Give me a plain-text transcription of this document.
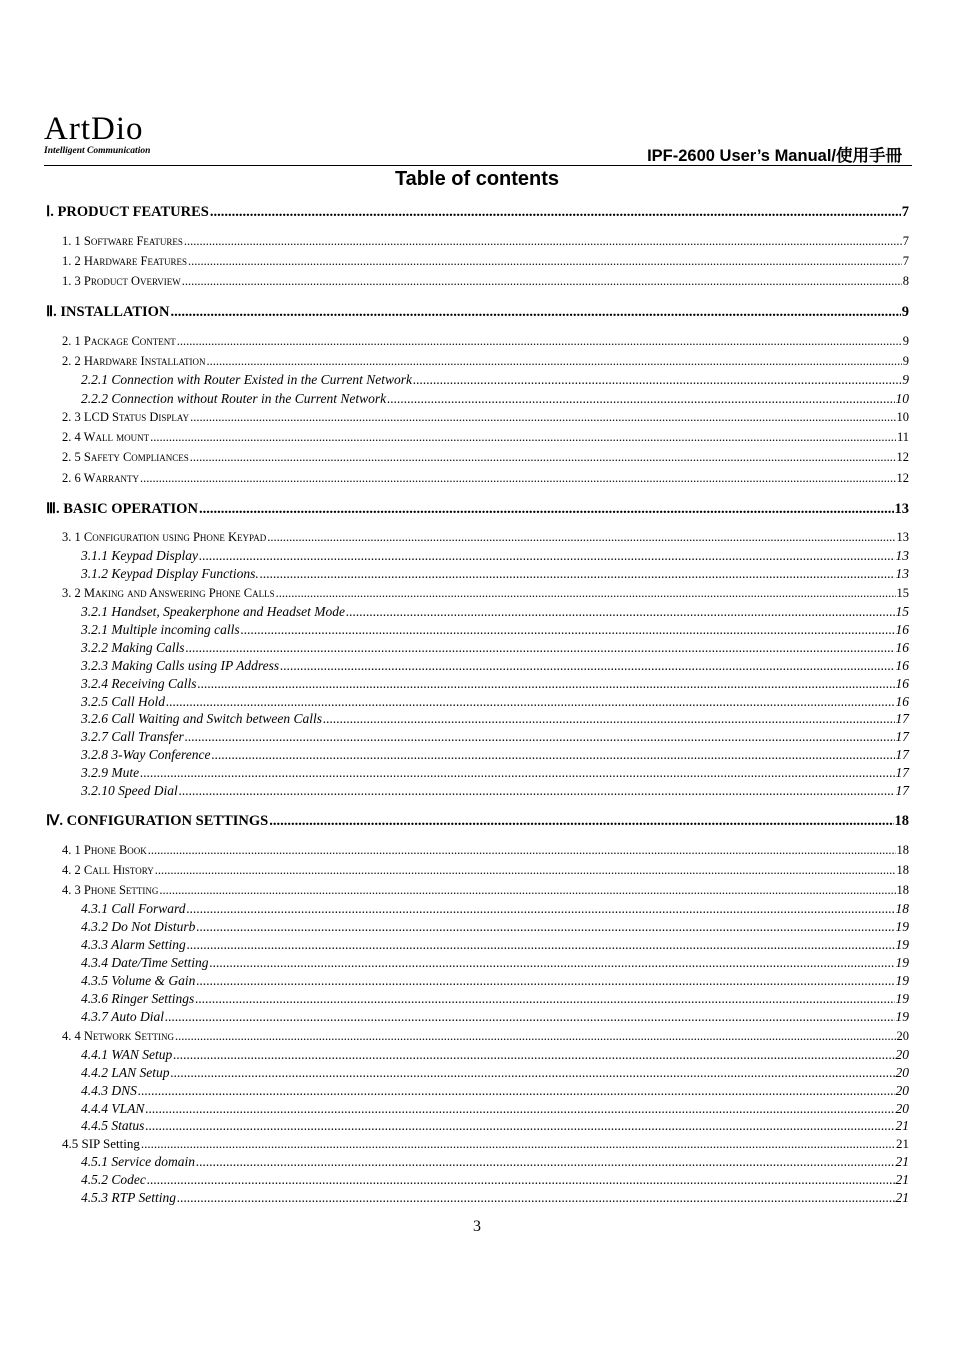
ArtDio
Intelligent Communication	IPF-2600 User’s Manual/使用手冊
Table of contents
Ⅰ. PRODUCT FEATURES .....	7
1. 1 Software Features .....	7
1. 2 Hardware Features .....	7
1. 3 Product Overview .....	8
Ⅱ. INSTALLATION .....	9
2. 1 Package Content .....	9
2. 2 Hardware Installation .....	9
2.2.1 Connection with Router Existed in the Current Network .....	9
2.2.2 Connection without Router in the Current Network .....	10
2. 3 LCD Status Display .....	10
2. 4 Wall mount .....	11
2. 5 Safety Compliances .....	12
2. 6 Warranty .....	12
Ⅲ. BASIC OPERATION .....	13
3. 1 Configuration using Phone Keypad .....	13
3.1.1 Keypad Display .....	13
3.1.2 Keypad Display Functions. .....	13
3. 2 Making and Answering Phone Calls .....	15
3.2.1 Handset, Speakerphone and Headset Mode .....	15
3.2.1 Multiple incoming calls .....	16
3.2.2 Making Calls .....	16
3.2.3 Making Calls using IP Address .....	16
3.2.4 Receiving Calls .....	16
3.2.5 Call Hold .....	16
3.2.6 Call Waiting and Switch between Calls .....	17
3.2.7 Call Transfer .....	17
3.2.8 3-Way Conference .....	17
3.2.9 Mute .....	17
3.2.10 Speed Dial .....	17
Ⅳ. CONFIGURATION SETTINGS .....	18
4. 1 Phone Book .....	18
4. 2 Call History .....	18
4. 3 Phone Setting .....	18
4.3.1 Call Forward .....	18
4.3.2 Do Not Disturb .....	19
4.3.3 Alarm Setting .....	19
4.3.4 Date/Time Setting .....	19
4.3.5 Volume & Gain .....	19
4.3.6 Ringer Settings .....	19
4.3.7 Auto Dial .....	19
4. 4 Network Setting .....	20
4.4.1 WAN Setup .....	20
4.4.2 LAN Setup .....	20
4.4.3 DNS .....	20
4.4.4 VLAN .....	20
4.4.5 Status .....	21
4.5 SIP Setting .....	21
4.5.1 Service domain .....	21
4.5.2 Codec .....	21
4.5.3 RTP Setting .....	21
3
